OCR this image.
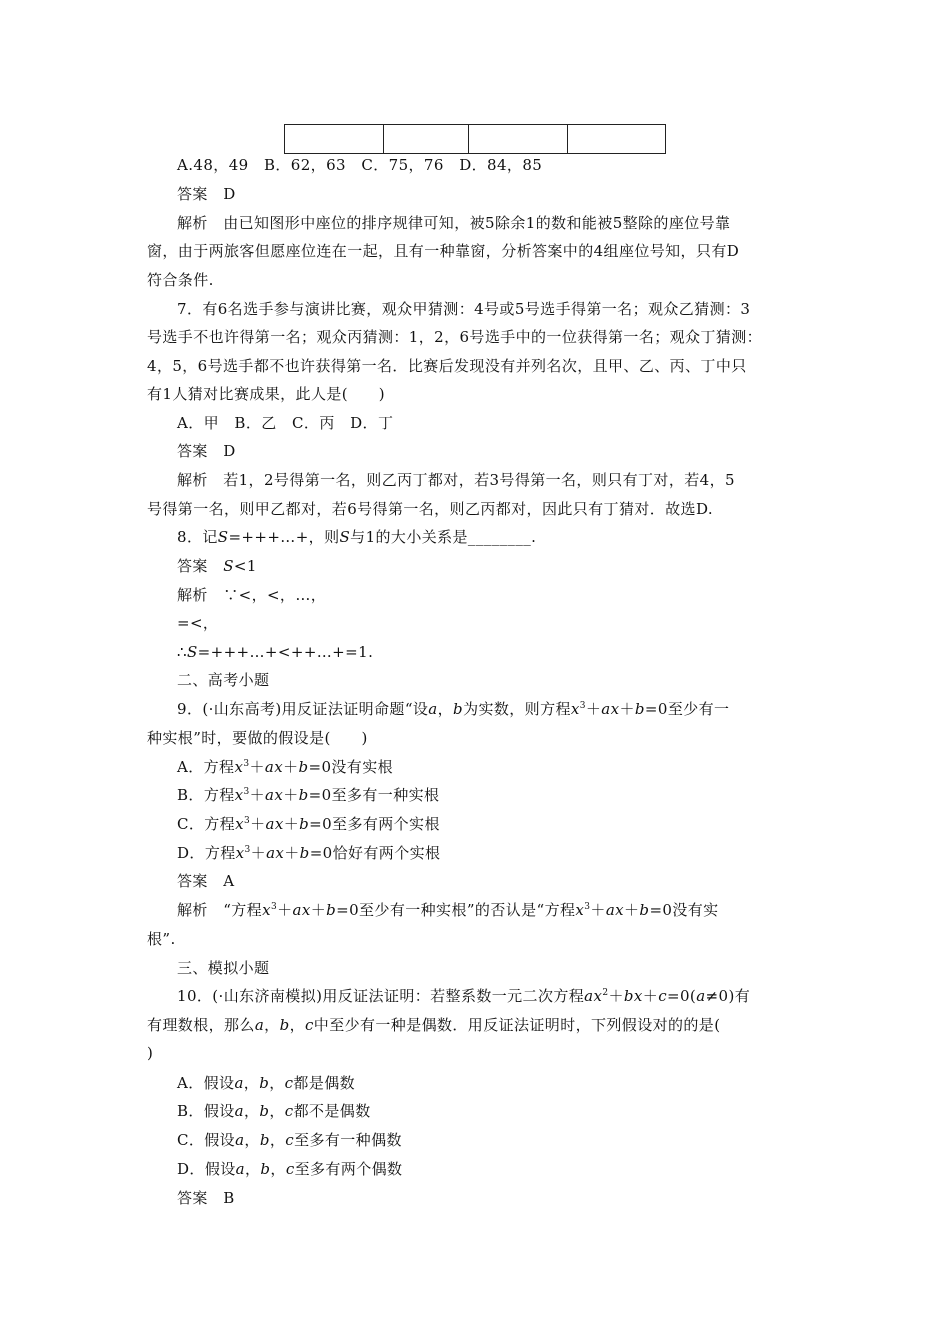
A.48，49　B．62，63　C．75，76　D．84，85
答案　D
解析　由已知图形中座位的排序规律可知，被5除余1的数和能被5整除的座位号靠
窗，由于两旅客但愿座位连在一起，且有一种靠窗，分析答案中的4组座位号知，只有D
符合条件.
7．有6名选手参与演讲比赛，观众甲猜测：4号或5号选手得第一名；观众乙猜测：3
号选手不也许得第一名；观众丙猜测：1，2，6号选手中的一位获得第一名；观众丁猜测：
4，5，6号选手都不也许获得第一名．比赛后发现没有并列名次，且甲、乙、丙、丁中只
有1人猜对比赛成果，此人是(　　)
A．甲　B．乙　C．丙　D．丁
答案　D
解析　若1，2号得第一名，则乙丙丁都对，若3号得第一名，则只有丁对，若4，5
号得第一名，则甲乙都对，若6号得第一名，则乙丙都对，因此只有丁猜对．故选D.
8．记S=+++…+，则S与1的大小关系是________.
答案　S<1
解析　∵<，<，…，
=<，
∴S=+++…+<++…+=1.
二、高考小题
9．(·山东高考)用反证法证明命题“设a，b为实数，则方程$x^3+ax+b=0$至少有一
种实根”时，要做的假设是(　　)
A．方程$x^3+ax+b=0$没有实根
B．方程$x^3+ax+b=0$至多有一种实根
C．方程$x^3+ax+b=0$至多有两个实根
D．方程$x^3+ax+b=0$恰好有两个实根
答案　A
解析　“方程$x^3+ax+b=0$至少有一种实根”的否认是“方程$x^3+ax+b=0$没有实
根”.
三、模拟小题
10．(·山东济南模拟)用反证法证明：若整系数一元二次方程$ax^2+bx+c=0(a\ne 0)$有
有理数根，那么a，b，c中至少有一种是偶数．用反证法证明时，下列假设对的的是(
)
A．假设a，b，c都是偶数
B．假设a，b，c都不是偶数
C．假设a，b，c至多有一种偶数
D．假设a，b，c至多有两个偶数
答案　B
